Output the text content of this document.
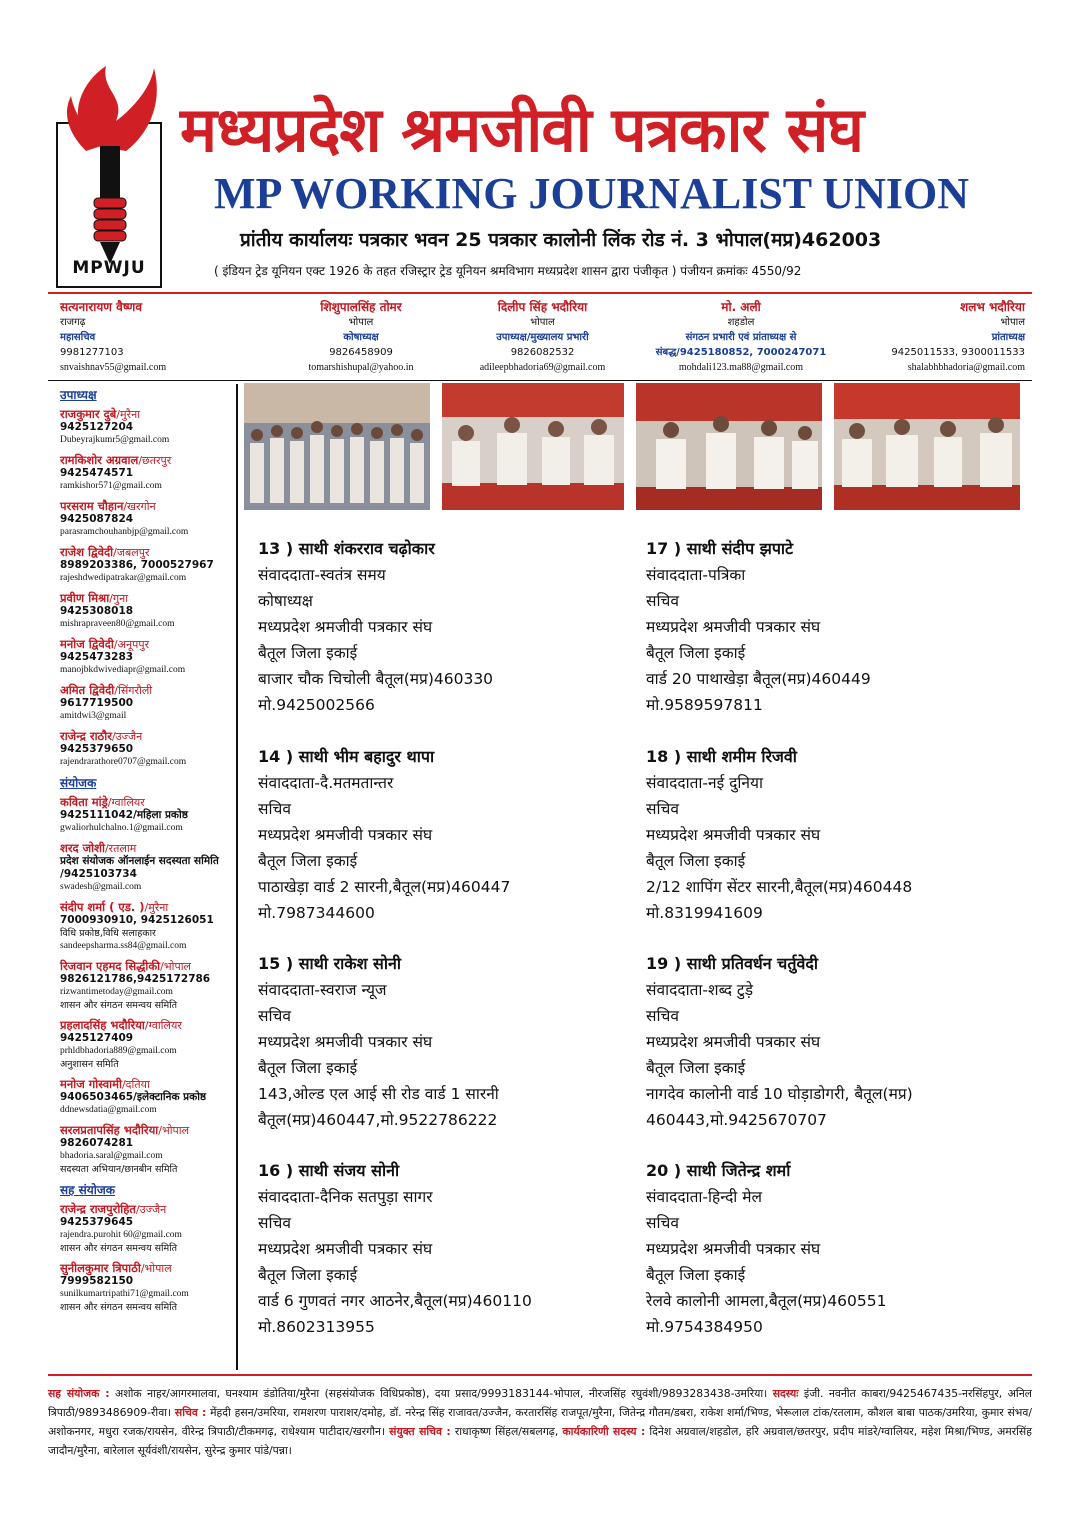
MPWJU
मध्यप्रदेश श्रमजीवी पत्रकार संघ
MP WORKING JOURNALIST UNION
प्रांतीय कार्यालयः पत्रकार भवन 25 पत्रकार कालोनी लिंक रोड नं. 3 भोपाल(मप्र)462003
( इंडियन ट्रेड यूनियन एक्ट 1926 के तहत रजिस्ट्रार ट्रेड यूनियन श्रमविभाग मध्यप्रदेश शासन द्वारा पंजीकृत ) पंजीयन क्रमांकः 4550/92
सत्यनारायण वैष्णव
राजगढ़
महासचिव
9981277103
snvaishnav55@gmail.com
शिशुपालसिंह तोमर
भोपाल
कोषाध्यक्ष
9826458909
tomarshishupal@yahoo.in
दिलीप सिंह भदौरिया
भोपाल
उपाध्यक्ष/मुख्यालय प्रभारी
9826082532
adileepbhadoria69@gmail.com
मो. अली
शहडोल
संगठन प्रभारी एवं प्रांताध्यक्ष से संबद्ध/9425180852, 7000247071
mohdali123.ma88@gmail.com
शलभ भदौरिया
भोपाल
प्रांताध्यक्ष
9425011533, 9300011533
shalabhbhadoria@gmail.com
उपाध्यक्ष
राजकुमार दुबे/मुरैना
9425127204
Dubeyrajkumr5@gmail.com
रामकिशोर अग्रवाल/छतरपुर
9425474571
ramkishor571@gmail.com
परसराम चौहान/खरगोन
9425087824
parasramchouhanbjp@gmail.com
राजेश द्विवेदी/जबलपुर
8989203386, 7000527967
rajeshdwedipatrakar@gmail.com
प्रवीण मिश्रा/गुना
9425308018
mishrapraveen80@gmail.com
मनोज द्विवेदी/अनूपपुर
9425473283
manojbkdwivediapr@gmail.com
अमित द्विवेदी/सिंगरौली
9617719500
amitdwi3@gmail
राजेन्द्र राठौर/उज्जैन
9425379650
rajendrarathore0707@gmail.com
संयोजक
कविता मांड्रे/ग्वालियर
9425111042/महिला प्रकोष्ठ
gwaliorhulchalno.1@gmail.com
शरद जोशी/रतलाम
प्रदेश संयोजक ऑनलाईन सदस्यता समिति /9425103734
swadesh@gmail.com
संदीप शर्मा ( एड. )/मुरैना
7000930910, 9425126051
विधि प्रकोष्ठ,विधि सलाहकार
sandeepsharma.ss84@gmail.com
रिजवान एहमद सिद्धीकी/भोपाल
9826121786,9425172786
rizwantimetoday@gmail.com
शासन और संगठन समन्वय समिति
प्रहलादसिंह भदौरिया/ग्वालियर
9425127409
prhldbhadoria889@gmail.com
अनुशासन समिति
मनोज गोस्वामी/दतिया
9406503465/इलेक्टानिक प्रकोष्ठ
ddnewsdatia@gmail.com
सरलप्रतापसिंह भदौरिया/भोपाल
9826074281
bhadoria.saral@gmail.com
सदस्यता अभियान/छानबीन समिति
सह संयोजक
राजेन्द्र राजपुरोहित/उज्जैन
9425379645
rajendra.purohit 60@gmail.com
शासन और संगठन समन्वय समिति
सुनीलकुमार त्रिपाठी/भोपाल
7999582150
sunilkumartripathi71@gmail.com
शासन और संगठन समन्वय समिति
13 ) साथी शंकरराव चढ़ोकार
संवाददाता-स्वतंत्र समय
कोषाध्यक्ष
मध्यप्रदेश श्रमजीवी पत्रकार संघ
बैतूल जिला इकाई
बाजार चौक चिचोली बैतूल(मप्र)460330
मो.9425002566
14 ) साथी भीम बहादुर थापा
संवाददाता-दै.मतमतान्तर
सचिव
मध्यप्रदेश श्रमजीवी पत्रकार संघ
बैतूल जिला इकाई
पाठाखेड़ा वार्ड 2 सारनी,बैतूल(मप्र)460447
मो.7987344600
15 ) साथी राकेश सोनी
संवाददाता-स्वराज न्यूज
सचिव
मध्यप्रदेश श्रमजीवी पत्रकार संघ
बैतूल जिला इकाई
143,ओल्ड एल आई सी रोड वार्ड 1 सारनी
बैतूल(मप्र)460447,मो.9522786222
16 ) साथी संजय सोनी
संवाददाता-दैनिक सतपुड़ा सागर
सचिव
मध्यप्रदेश श्रमजीवी पत्रकार संघ
बैतूल जिला इकाई
वार्ड 6 गुणवतं नगर आठनेर,बैतूल(मप्र)460110
मो.8602313955
17 ) साथी संदीप झपाटे
संवाददाता-पत्रिका
सचिव
मध्यप्रदेश श्रमजीवी पत्रकार संघ
बैतूल जिला इकाई
वार्ड 20 पाथाखेड़ा बैतूल(मप्र)460449
मो.9589597811
18 ) साथी शमीम रिजवी
संवाददाता-नई दुनिया
सचिव
मध्यप्रदेश श्रमजीवी पत्रकार संघ
बैतूल जिला इकाई
2/12 शापिंग सेंटर सारनी,बैतूल(मप्र)460448
मो.8319941609
19 ) साथी प्रतिवर्धन चर्तुवेदी
संवाददाता-शब्द टुड़े
सचिव
मध्यप्रदेश श्रमजीवी पत्रकार संघ
बैतूल जिला इकाई
नागदेव कालोनी वार्ड 10 घोड़ाडोगरी, बैतूल(मप्र)
460443,मो.9425670707
20 ) साथी जितेन्द्र शर्मा
संवाददाता-हिन्दी मेल
सचिव
मध्यप्रदेश श्रमजीवी पत्रकार संघ
बैतूल जिला इकाई
रेलवे कालोनी आमला,बैतूल(मप्र)460551
मो.9754384950
सह संयोजक : अशोक नाहर/आगरमालवा, घनश्याम डंडोतिया/मुरैना (सहसंयोजक विधिप्रकोष्ठ), दया प्रसाद/9993183144-भोपाल, नीरजसिंह रघुवंशी/9893283438-उमरिया। सदस्यः इंजी. नवनीत काबरा/9425467435-नरसिंहपुर, अनिल त्रिपाठी/9893486909-रीवा। सचिव : मेंहदी हसन/उमरिया, रामशरण पाराशर/दमोह, डॉ. नरेन्द्र सिंह राजावत/उज्जैन, करतारसिंह राजपूत/मुरैना, जितेन्द्र गौतम/डबरा, राकेश शर्मा/भिण्ड, भेरूलाल टांक/रतलाम, कौशल बाबा पाठक/उमरिया, कुमार संभव/अशोकनगर, मधुरा रजक/रायसेन, वीरेन्द्र त्रिपाठी/टीकमगढ़, राधेश्याम पाटीदार/खरगौन। संयुक्त सचिव : राधाकृष्ण सिंहल/सबलगढ़, कार्यकारिणी सदस्य : दिनेश अग्रवाल/शहडोल, हरि अग्रवाल/छतरपुर, प्रदीप मांडरे/ग्वालियर, महेश मिश्रा/भिण्ड, अमरसिंह जादौन/मुरैना, बारेलाल सूर्यवंशी/रायसेन, सुरेन्द्र कुमार पांडे/पन्ना।
